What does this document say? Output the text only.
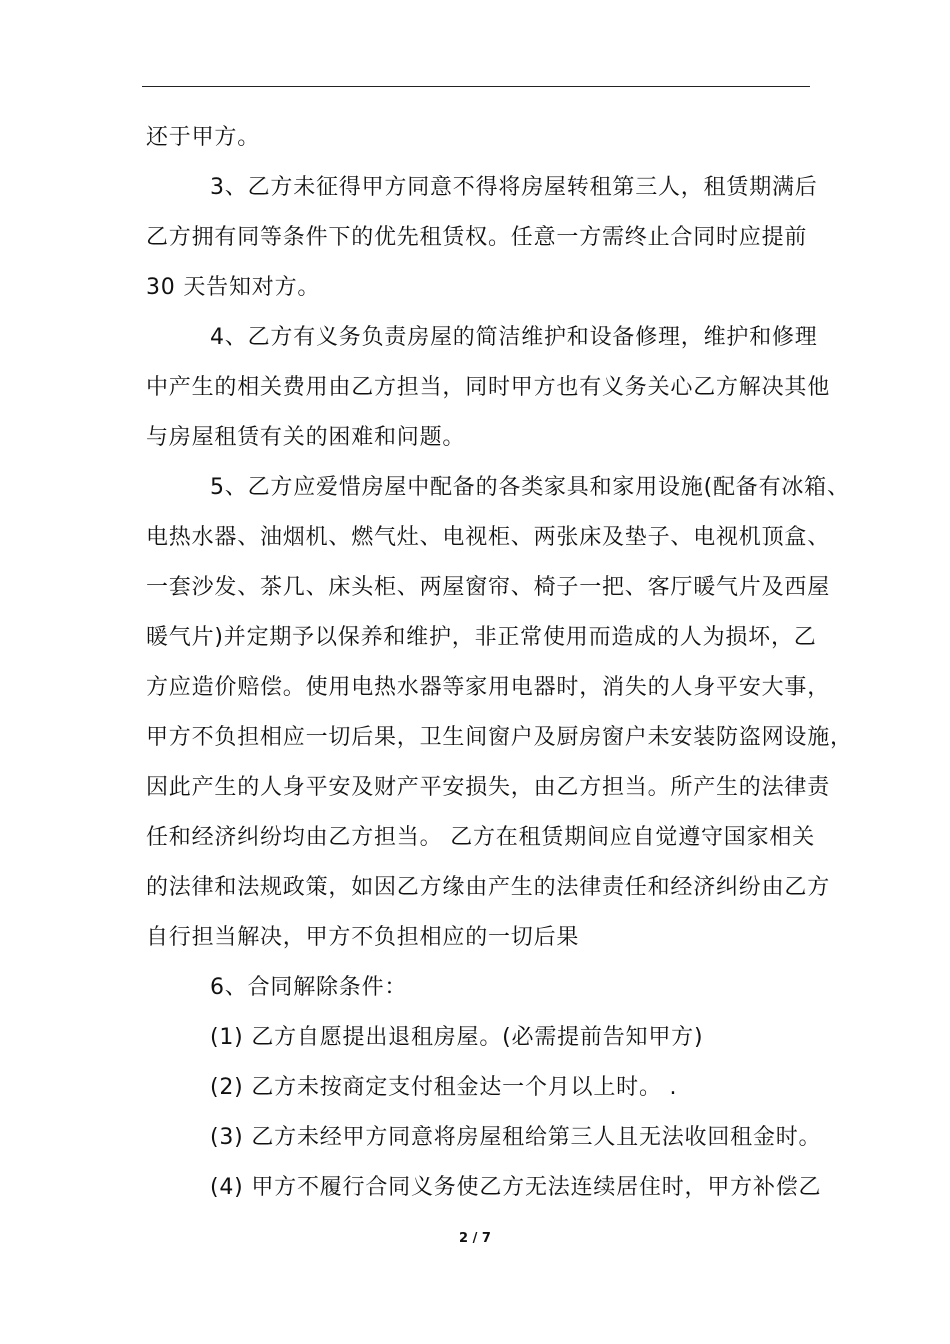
还于甲方。
3、乙方未征得甲方同意不得将房屋转租第三人，租赁期满后
乙方拥有同等条件下的优先租赁权。任意一方需终止合同时应提前
30 天告知对方。
4、乙方有义务负责房屋的简洁维护和设备修理，维护和修理
中产生的相关费用由乙方担当，同时甲方也有义务关心乙方解决其他
与房屋租赁有关的困难和问题。
5、乙方应爱惜房屋中配备的各类家具和家用设施(配备有冰箱、
电热水器、油烟机、燃气灶、电视柜、两张床及垫子、电视机顶盒、
一套沙发、茶几、床头柜、两屋窗帘、椅子一把、客厅暖气片及西屋
暖气片)并定期予以保养和维护，非正常使用而造成的人为损坏，乙
方应造价赔偿。使用电热水器等家用电器时，消失的人身平安大事，
甲方不负担相应一切后果，卫生间窗户及厨房窗户未安装防盗网设施，
因此产生的人身平安及财产平安损失，由乙方担当。所产生的法律责
任和经济纠纷均由乙方担当。 乙方在租赁期间应自觉遵守国家相关
的法律和法规政策，如因乙方缘由产生的法律责任和经济纠纷由乙方
自行担当解决，甲方不负担相应的一切后果
6、合同解除条件：
(1) 乙方自愿提出退租房屋。(必需提前告知甲方)
(2) 乙方未按商定支付租金达一个月以上时。 .
(3) 乙方未经甲方同意将房屋租给第三人且无法收回租金时。
(4) 甲方不履行合同义务使乙方无法连续居住时，甲方补偿乙
2 / 7
